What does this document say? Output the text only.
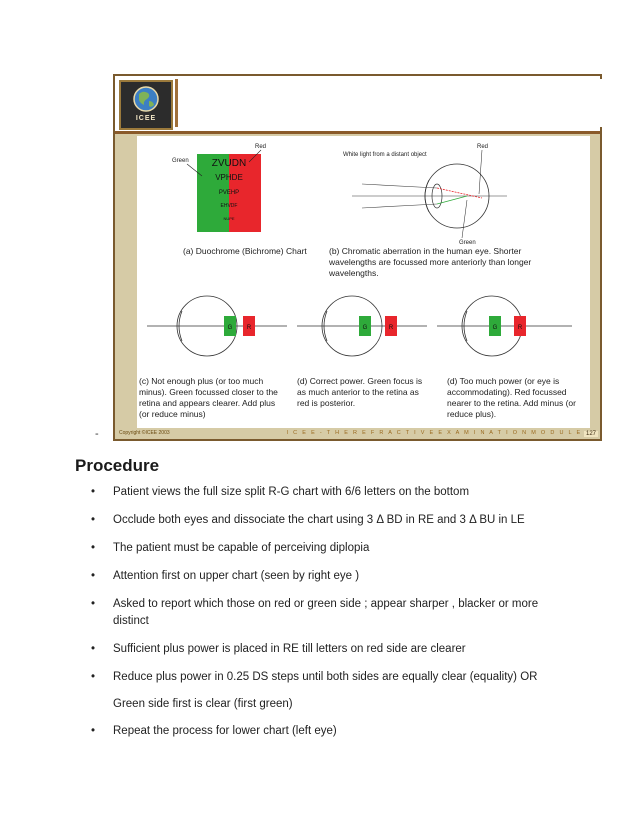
-
ICEE
ZVUDN
VPHDE
PVEHP
EHVDF
NUPE
Green
Red
White light from a distant object
Red
Green
G R	G	R	G	R
(a) Duochrome (Bichrome) Chart	(b) Chromatic aberration in the human eye. Shorter wavelengths are focussed more anteriorly than longer wavelengths.
(c) Not enough plus (or too much minus). Green focussed closer to the retina and appears clearer. Add plus (or reduce minus)
(d) Correct power. Green focus is as much anterior to the retina as red is posterior.
(d) Too much power (or eye is accommodating). Red focussed nearer to the retina. Add minus (or reduce plus).
Copyright ©ICEE 2003	I C E E - T H E R E F R A C T I V E E X A M I N A T I O N M O D U L E 127
Procedure
• Patient views the full size split R-G chart with 6/6 letters on the bottom
• Occlude both eyes and dissociate the chart using 3 Δ BD in RE and 3 Δ BU in LE
• The patient must be capable of perceiving diplopia
• Attention first on upper chart (seen by right eye )
• Asked to report which those on red or green side ; appear sharper , blacker or more distinct
• Sufficient plus power is placed in RE till letters on red side are clearer
• Reduce plus power in 0.25 DS steps until both sides are equally clear (equality) OR
Green side first is clear (first green)
• Repeat the process for lower chart (left eye)
